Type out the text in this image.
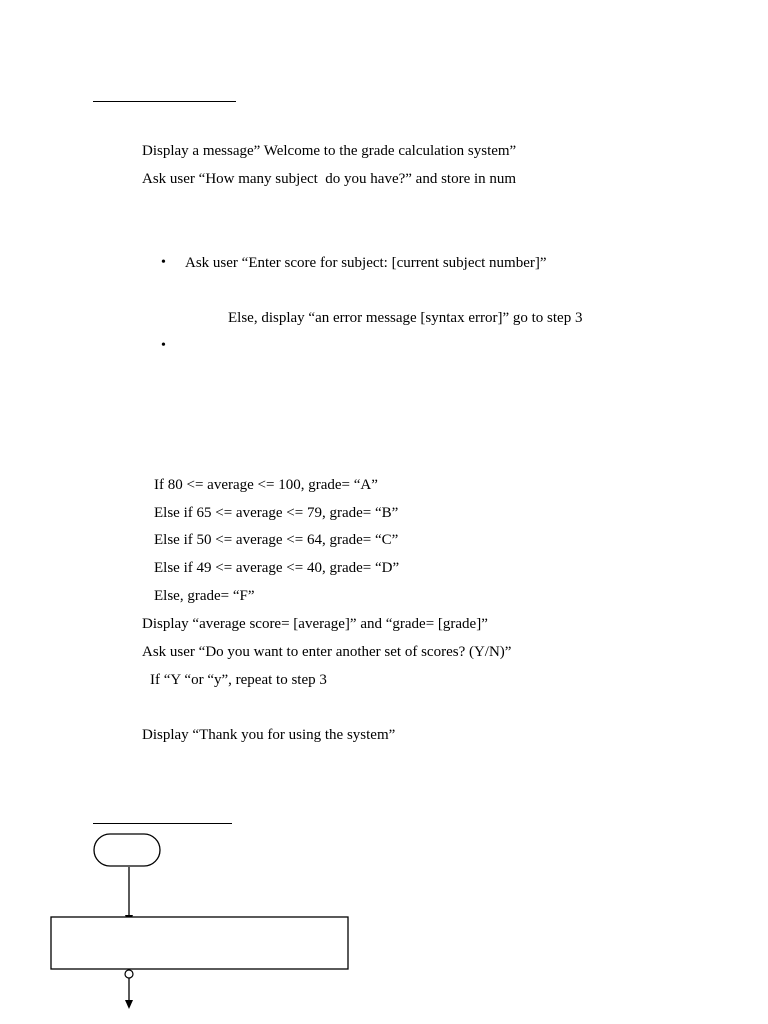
Display a message” Welcome to the grade calculation system”
Ask user “How many subject  do you have?” and store in num
• Ask user “Enter score for subject: [current subject number]”
Else, display “an error message [syntax error]” go to step 3
•
If 80 <= average <= 100, grade= “A”
Else if 65 <= average <= 79, grade= “B”
Else if 50 <= average <= 64, grade= “C”
Else if 49 <= average <= 40, grade= “D”
Else, grade= “F”
Display “average score= [average]” and “grade= [grade]”
Ask user “Do you want to enter another set of scores? (Y/N)”
If “Y “or “y”, repeat to step 3
Display “Thank you for using the system”
